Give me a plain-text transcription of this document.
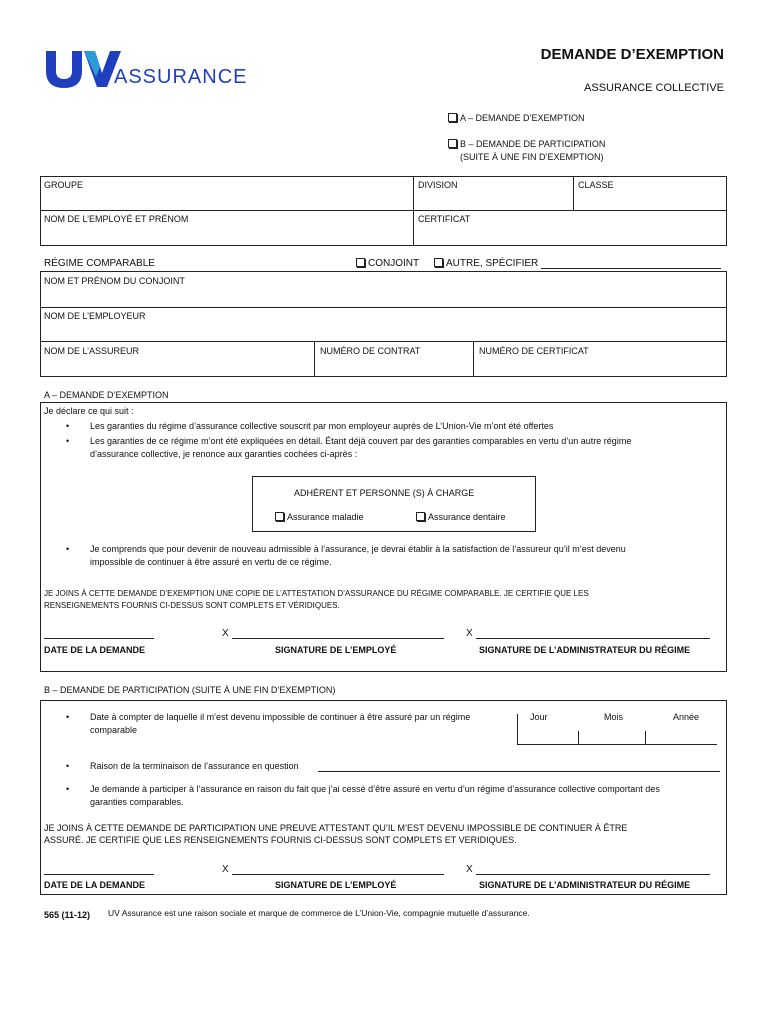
ASSURANCE
DEMANDE D’EXEMPTION
ASSURANCE COLLECTIVE
A – DEMANDE D’EXEMPTION
B – DEMANDE DE PARTICIPATION
(SUITE À UNE FIN D’EXEMPTION)
GROUPE	DIVISION	CLASSE
NOM DE L’EMPLOYÉ ET PRÉNOM	CERTIFICAT
RÉGIME COMPARABLE	CONJOINT	AUTRE, SPÉCIFIER
NOM ET PRÉNOM DU CONJOINT
NOM DE L’EMPLOYEUR
NOM DE L’ASSUREUR	NUMÉRO DE CONTRAT	NUMÉRO DE CERTIFICAT
A – DEMANDE D’EXEMPTION
Je déclare ce qui suit :
• Les garanties du régime d’assurance collective souscrit par mon employeur auprès de L’Union-Vie m’ont été offertes
• Les garanties de ce régime m’ont été expliquées en détail. Étant déjà couvert par des garanties comparables en vertu d’un autre régime
d’assurance collective, je renonce aux garanties cochées ci-après :
ADHÉRENT ET PERSONNE (S) À CHARGE
Assurance maladie	Assurance dentaire
• Je comprends que pour devenir de nouveau admissible à l’assurance, je devrai établir à la satisfaction de l’assureur qu’il m’est devenu
impossible de continuer à être assuré en vertu de ce régime.
JE JOINS À CETTE DEMANDE D’EXEMPTION UNE COPIE DE L’ATTESTATION D’ASSURANCE DU RÉGIME COMPARABLE. JE CERTIFIE QUE LES
RENSEIGNEMENTS FOURNIS CI-DESSUS SONT COMPLETS ET VÉRIDIQUES.
X	X
DATE DE LA DEMANDE	SIGNATURE DE L’EMPLOYÉ	SIGNATURE DE L’ADMINISTRATEUR DU RÉGIME
B – DEMANDE DE PARTICIPATION (SUITE À UNE FIN D’EXEMPTION)
• Date à compter de laquelle il m’est devenu impossible de continuer à être assuré par un régime
comparable
Jour	Mois	Année
• Raison de la terminaison de l’assurance en question
• Je demande à participer à l’assurance en raison du fait que j’ai cessé d’être assuré en vertu d’un régime d’assurance collective comportant des
garanties comparables.
JE JOINS À CETTE DEMANDE DE PARTICIPATION UNE PREUVE ATTESTANT QU’IL M’EST DEVENU IMPOSSIBLE DE CONTINUER À ÊTRE
ASSURÉ. JE CERTIFIE QUE LES RENSEIGNEMENTS FOURNIS CI-DESSUS SONT COMPLETS ET VERIDIQUES.
X	X
DATE DE LA DEMANDE	SIGNATURE DE L’EMPLOYÉ	SIGNATURE DE L’ADMINISTRATEUR DU RÉGIME
565 (11-12) UV Assurance est une raison sociale et marque de commerce de L’Union-Vie, compagnie mutuelle d’assurance.
